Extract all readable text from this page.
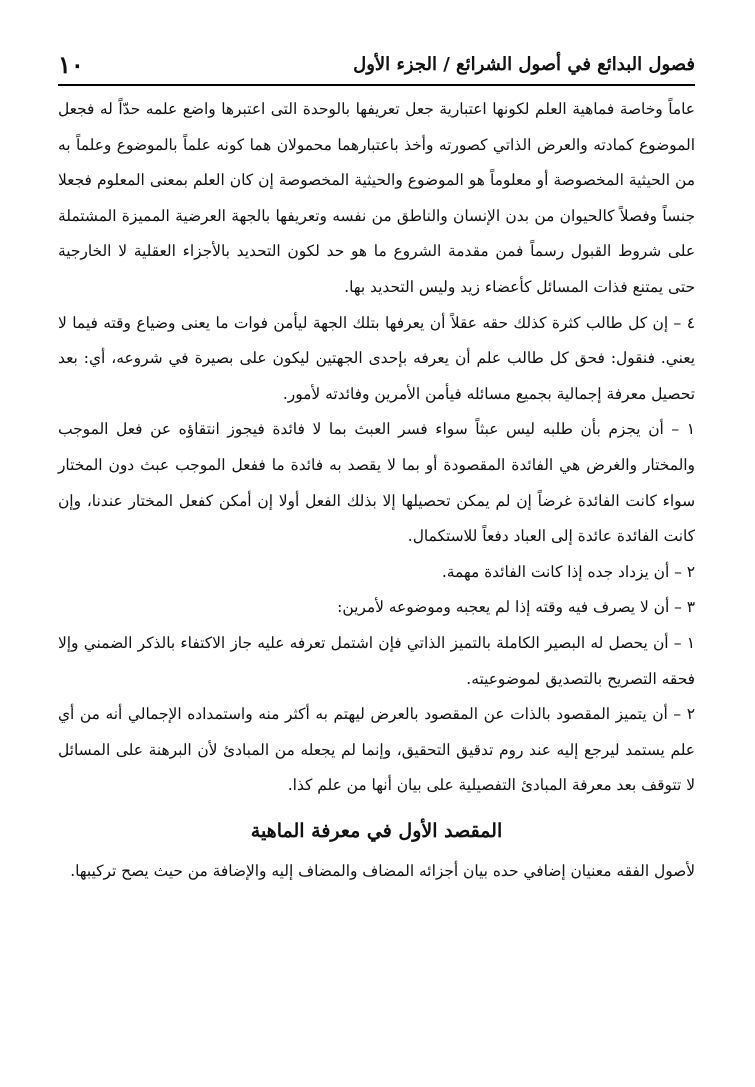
١٠	فصول البدائع في أصول الشرائع / الجزء الأول

عاماً وخاصة فماهية العلم لكونها اعتبارية جعل تعريفها بالوحدة التى اعتبرها واضع علمه حدّاً له فجعل الموضوع كمادته والعرض الذاتي كصورته وأخذ باعتبارهما محمولان هما كونه علماً بالموضوع وعلماً به من الحيثية المخصوصة أو معلوماً هو الموضوع والحيثية المخصوصة إن كان العلم بمعنى المعلوم فجعلا جنساً وفصلاً كالحيوان من بدن الإنسان والناطق من نفسه وتعريفها بالجهة العرضية المميزة المشتملة على شروط القبول رسماً فمن مقدمة الشروع ما هو حد لكون التحديد بالأجزاء العقلية لا الخارجية حتى يمتنع فذات المسائل كأعضاء زيد وليس التحديد بها.

٤ – إن كل طالب كثرة كذلك حقه عقلاً أن يعرفها بتلك الجهة ليأمن فوات ما يعنى وضياع وقته فيما لا يعني. فنقول: فحق كل طالب علم أن يعرفه بإحدى الجهتين ليكون على بصيرة في شروعه، أي: بعد تحصيل معرفة إجمالية بجميع مسائله فيأمن الأمرين وفائدته لأمور.

١ – أن يجزم بأن طلبه ليس عبثاً سواء فسر العبث بما لا فائدة فيجوز انتقاؤه عن فعل الموجب والمختار والغرض هي الفائدة المقصودة أو بما لا يقصد به فائدة ما ففعل الموجب عبث دون المختار سواء كانت الفائدة غرضاً إن لم يمكن تحصيلها إلا بذلك الفعل أولا إن أمكن كفعل المختار عندنا، وإن كانت الفائدة عائدة إلى العباد دفعاً للاستكمال.

٢ – أن يزداد جده إذا كانت الفائدة مهمة.

٣ – أن لا يصرف فيه وقته إذا لم يعجبه وموضوعه لأمرين:

١ – أن يحصل له البصير الكاملة بالتميز الذاتي فإن اشتمل تعرفه عليه جاز الاكتفاء بالذكر الضمني وإلا فحقه التصريح بالتصديق لموضوعيته.

٢ – أن يتميز المقصود بالذات عن المقصود بالعرض ليهتم به أكثر منه واستمداده الإجمالي أنه من أي علم يستمد ليرجع إليه عند روم تدقيق التحقيق، وإنما لم يجعله من المبادئ لأن البرهنة على المسائل لا تتوقف بعد معرفة المبادئ التفصيلية على بيان أنها من علم كذا.

المقصد الأول في معرفة الماهية

لأصول الفقه معنيان إضافي حده بيان أجزائه المضاف والمضاف إليه والإضافة من حيث يصح تركيبها.
